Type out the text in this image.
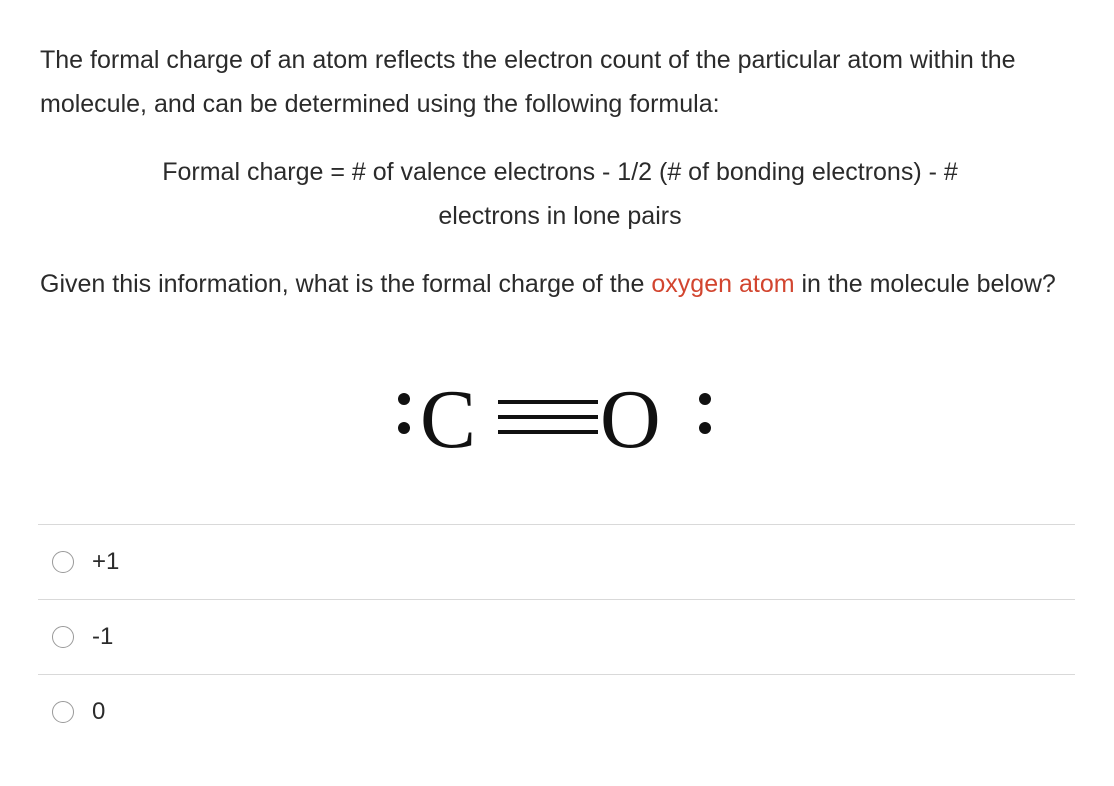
The formal charge of an atom reflects the electron count of the particular atom within the molecule, and can be determined using the following formula:

Formal charge = # of valence electrons - 1/2 (# of bonding electrons) - #
electrons in lone pairs

Given this information, what is the formal charge of the oxygen atom in the molecule below?

C O
+1
-1
0
